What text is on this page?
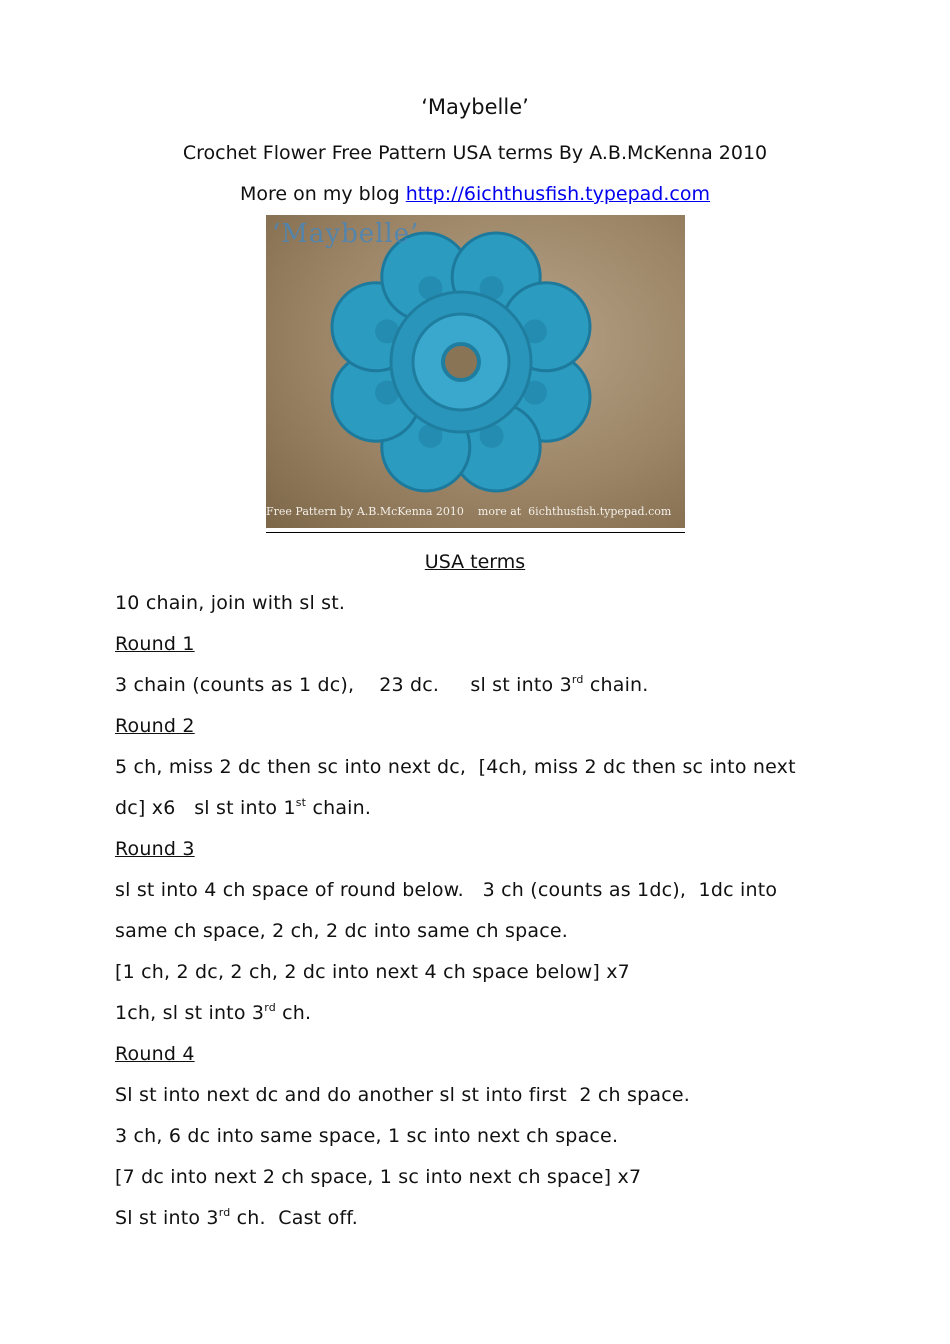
‘Maybelle’
Crochet Flower Free Pattern USA terms By A.B.McKenna 2010
More on my blog http://6ichthusfish.typepad.com
‘Maybelle’
Free Pattern by A.B.McKenna 2010    more at  6ichthusfish.typepad.com
USA terms
10 chain, join with sl st.
Round 1
3 chain (counts as 1 dc),    23 dc.     sl st into 3rd chain.
Round 2
5 ch, miss 2 dc then sc into next dc,  [4ch, miss 2 dc then sc into next
dc] x6   sl st into 1st chain.
Round 3
sl st into 4 ch space of round below.   3 ch (counts as 1dc),  1dc into
same ch space, 2 ch, 2 dc into same ch space.
[1 ch, 2 dc, 2 ch, 2 dc into next 4 ch space below] x7
1ch, sl st into 3rd ch.
Round 4
Sl st into next dc and do another sl st into first  2 ch space.
3 ch, 6 dc into same space, 1 sc into next ch space.
[7 dc into next 2 ch space, 1 sc into next ch space] x7
Sl st into 3rd ch.  Cast off.
